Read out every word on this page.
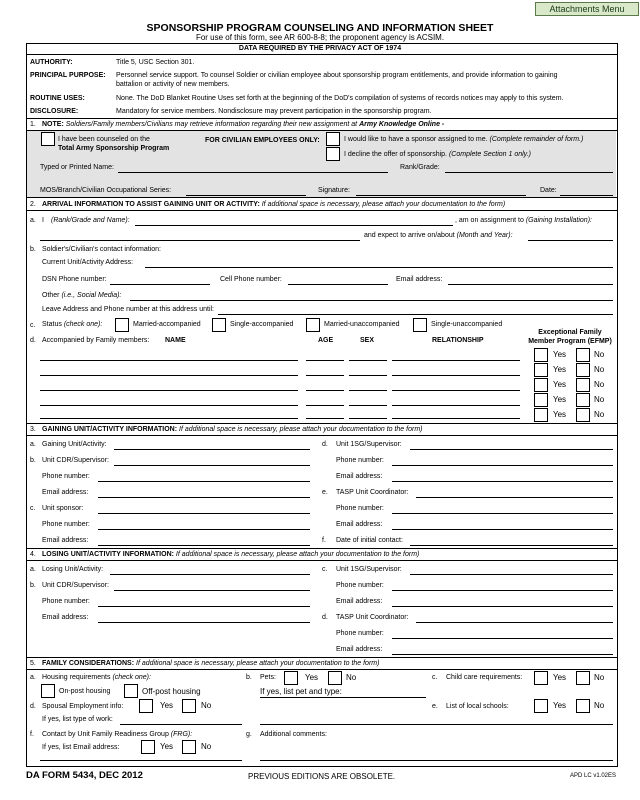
Attachments Menu
SPONSORSHIP PROGRAM COUNSELING AND INFORMATION SHEET
For use of this form, see AR 600-8-8; the proponent agency is ACSIM.
DATA REQUIRED BY THE PRIVACY ACT OF 1974
AUTHORITY:	Title 5, USC Section 301.
PRINCIPAL PURPOSE: Personnel service support. To counsel Soldier or civilian employee about sponsorship program entitlements, and provide information to gaining
battalion or activity of new members.
ROUTINE USES:	None. The DoD Blanket Routine Uses set forth at the beginning of the DoD's compilation of systems of records notices may apply to this system.
DISCLOSURE:	Mandatory for service members. Nondisclosure may prevent participation in the sponsorship program.
1. NOTE: Soldiers/Family members/Civilians may retrieve information regarding their new assignment at Army Knowledge Online -
I have been counseled on the
Total Army Sponsorship Program
FOR CIVILIAN EMPLOYEES ONLY:	I would like to have a sponsor assigned to me. (Complete remainder of form.)
I decline the offer of sponsorship. (Complete Section 1 only.)
Typed or Printed Name:	Rank/Grade:
MOS/Branch/Civilian Occupational Series:	Signature:	Date:
2. ARRIVAL INFORMATION TO ASSIST GAINING UNIT OR ACTIVITY: If additional space is necessary, please attach your documentation to the form)
a. I (Rank/Grade and Name):	, am on assignment to (Gaining Installation):
and expect to arrive on/about (Month and Year):
b. Soldier's/Civilian's contact information:
Current Unit/Activity Address:
DSN Phone number:	Cell Phone number:	Email address:
Other (i.e., Social Media):
Leave Address and Phone number at this address until:
c. Status (check one):	Married-accompanied	Single-accompanied	Married-unaccompanied	Single-unaccompanied
d. Accompanied by Family members: NAME	AGE	SEX	RELATIONSHIP
Exceptional Family
Member Program (EFMP)
Yes	No
Yes	No
Yes	No
Yes	No
Yes	No
3. GAINING UNIT/ACTIVITY INFORMATION: If additional space is necessary, please attach your documentation to the form)
a. Gaining Unit/Activity:
b. Unit CDR/Supervisor:
Phone number:
Email address:
c. Unit sponsor:
Phone number:
Email address:
d. Unit 1SG/Supervisor:
Phone number:
Email address:
e. TASP Unit Coordinator:
Phone number:
Email address:
f. Date of initial contact:
4. LOSING UNIT/ACTIVITY INFORMATION: If additional space is necessary, please attach your documentation to the form)
a. Losing Unit/Activity:
b. Unit CDR/Supervisor:
Phone number:
Email address:
c. Unit 1SG/Supervisor:
Phone number:
Email address:
d. TASP Unit Coordinator:
Phone number:
Email address:
5. FAMILY CONSIDERATIONS: If additional space is necessary, please attach your documentation to the form)
a. Housing requirements (check one):
On-post housing	Off-post housing
b. Pets:	Yes	No
If yes, list pet and type:
c. Child care requirements:	Yes	No
d. Spousal Employment info:	Yes	No
If yes, list type of work:
e. List of local schools:	Yes	No
f. Contact by Unit Family Readiness Group (FRG):
If yes, list Email address:	Yes	No
g. Additional comments:
DA FORM 5434, DEC 2012	PREVIOUS EDITIONS ARE OBSOLETE.	APD LC v1.02ES
